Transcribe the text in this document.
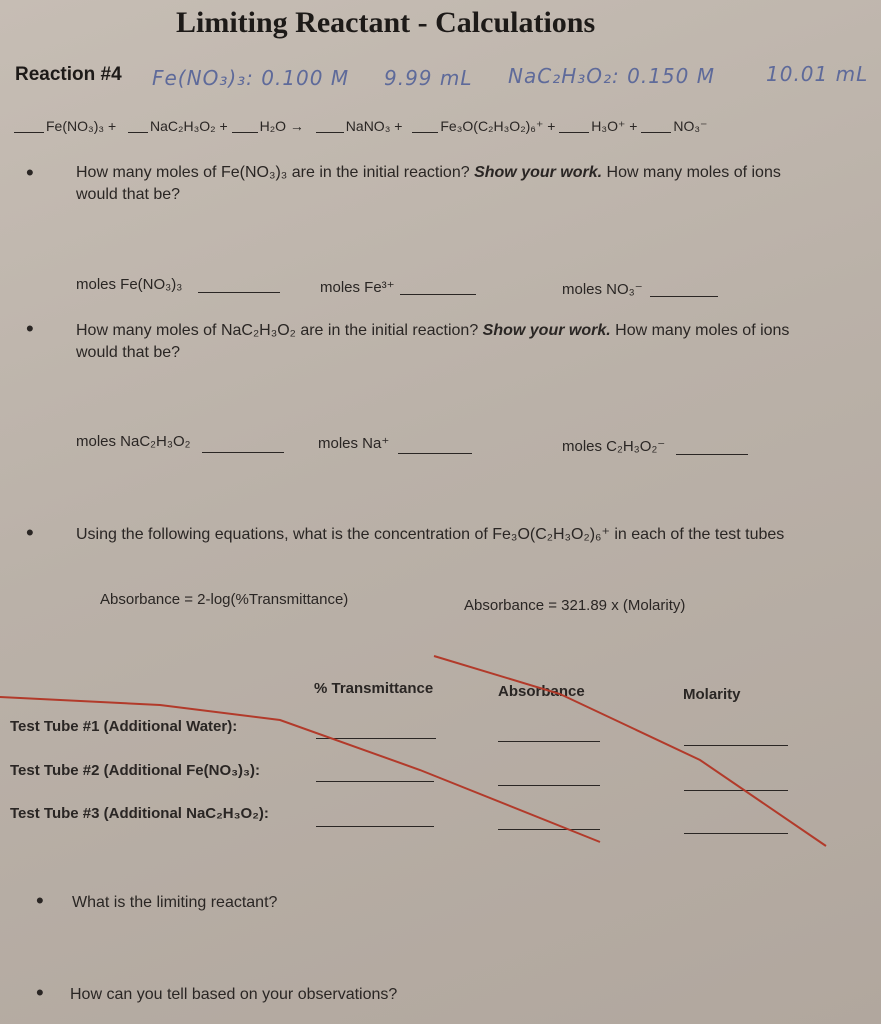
Limiting Reactant - Calculations
Reaction #4 Fe(NO₃)₃: 0.100 M 9.99 mL NaC₂H₃O₂: 0.150 M	10.01 mL
Fe(NO₃)₃ + NaC₂H₃O₂ + H₂O →	NaNO₃ +	Fe₃O(C₂H₃O₂)₆⁺ +	H₃O⁺ +	NO₃⁻
•	How many moles of Fe(NO₃)₃ are in the initial reaction? Show your work. How many moles of ions would that be?
moles Fe(NO₃)₃	moles Fe³⁺	moles NO₃⁻
•	How many moles of NaC₂H₃O₂ are in the initial reaction? Show your work. How many moles of ions would that be?
moles NaC₂H₃O₂	moles Na⁺	moles C₂H₃O₂⁻
•	Using the following equations, what is the concentration of Fe₃O(C₂H₃O₂)₆⁺ in each of the test tubes
Absorbance = 2-log(%Transmittance)	Absorbance = 321.89 x (Molarity)
% Transmittance	Absorbance	Molarity
Test Tube #1 (Additional Water):
Test Tube #2 (Additional Fe(NO₃)₃):
Test Tube #3 (Additional NaC₂H₃O₂):
• What is the limiting reactant?
• How can you tell based on your observations?
